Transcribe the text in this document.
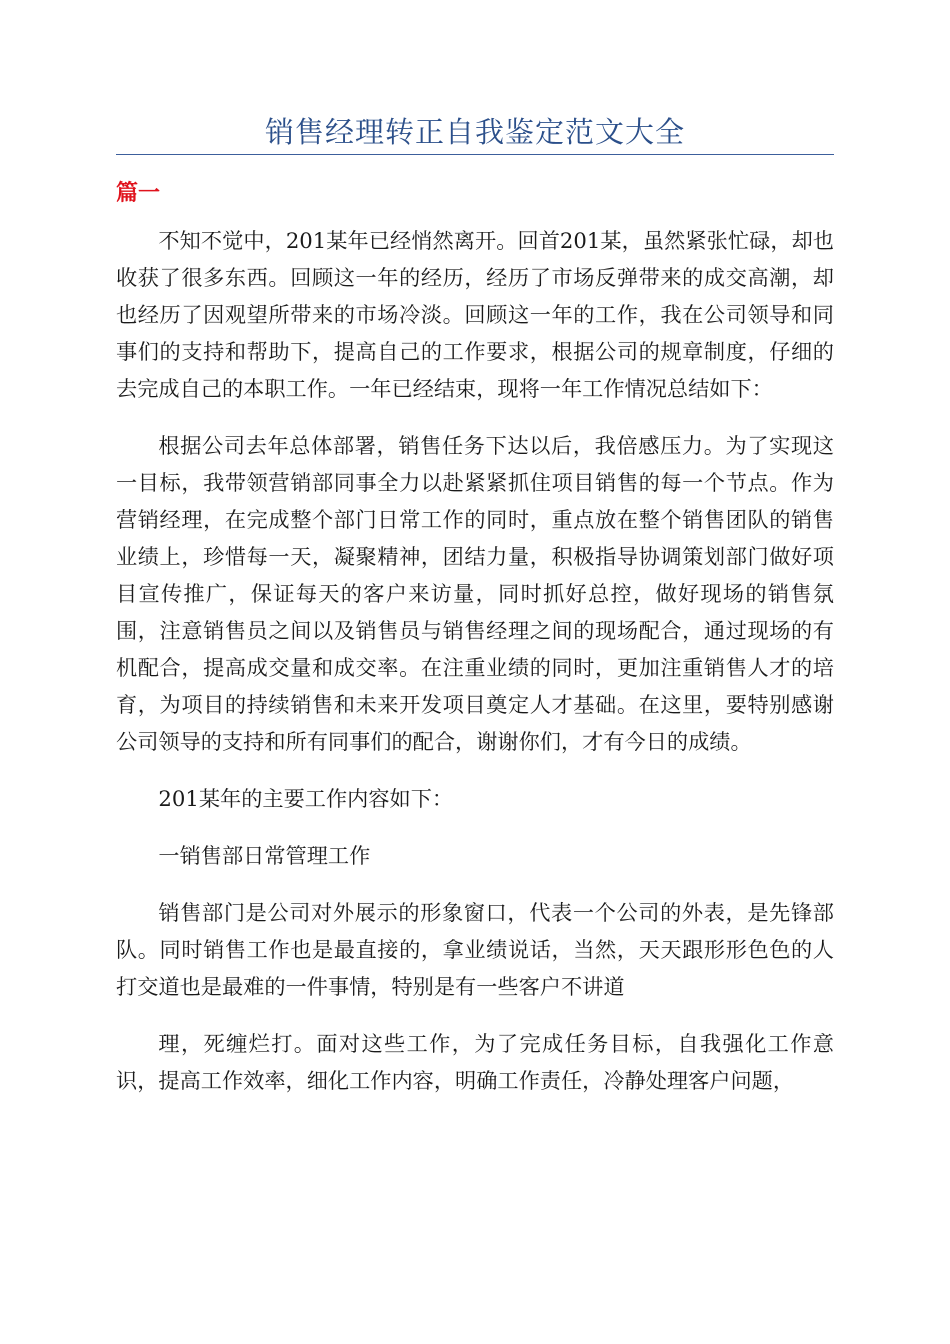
销售经理转正自我鉴定范文大全
篇一

不知不觉中，201某年已经悄然离开。回首201某，虽然紧张忙碌，却也收获了很多东西。回顾这一年的经历，经历了市场反弹带来的成交高潮，却也经历了因观望所带来的市场冷淡。回顾这一年的工作，我在公司领导和同事们的支持和帮助下，提高自己的工作要求，根据公司的规章制度，仔细的去完成自己的本职工作。一年已经结束，现将一年工作情况总结如下：

根据公司去年总体部署，销售任务下达以后，我倍感压力。为了实现这一目标，我带领营销部同事全力以赴紧紧抓住项目销售的每一个节点。作为营销经理，在完成整个部门日常工作的同时，重点放在整个销售团队的销售业绩上，珍惜每一天，凝聚精神，团结力量，积极指导协调策划部门做好项目宣传推广，保证每天的客户来访量，同时抓好总控，做好现场的销售氛围，注意销售员之间以及销售员与销售经理之间的现场配合，通过现场的有机配合，提高成交量和成交率。在注重业绩的同时，更加注重销售人才的培育，为项目的持续销售和未来开发项目奠定人才基础。在这里，要特别感谢公司领导的支持和所有同事们的配合，谢谢你们，才有今日的成绩。

201某年的主要工作内容如下：

一销售部日常管理工作

销售部门是公司对外展示的形象窗口，代表一个公司的外表，是先锋部队。同时销售工作也是最直接的，拿业绩说话，当然，天天跟形形色色的人打交道也是最难的一件事情，特别是有一些客户不讲道

理，死缠烂打。面对这些工作，为了完成任务目标，自我强化工作意识，提高工作效率，细化工作内容，明确工作责任，冷静处理客户问题，
